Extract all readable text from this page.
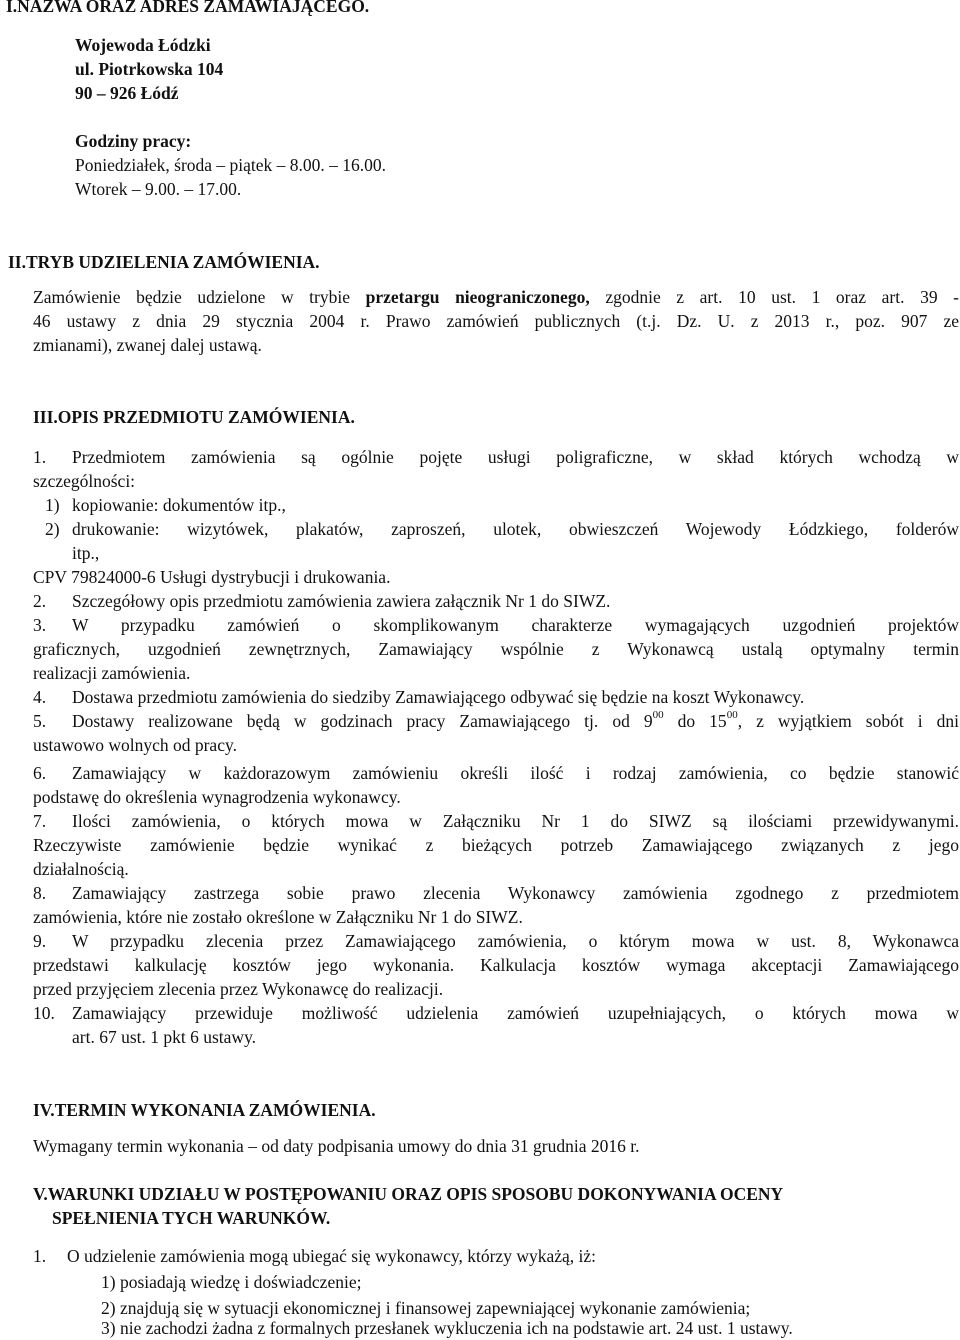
I.NAZWA ORAZ ADRES ZAMAWIAJĄCEGO.
Wojewoda Łódzki
ul. Piotrkowska 104
90 – 926 Łódź
Godziny pracy:
Poniedziałek, środa – piątek – 8.00. – 16.00.
Wtorek – 9.00. – 17.00.
II.TRYB UDZIELENIA ZAMÓWIENIA.
Zamówienie będzie udzielone w trybie przetargu nieograniczonego, zgodnie z art. 10 ust. 1 oraz art. 39 -
46 ustawy z dnia 29 stycznia 2004 r. Prawo zamówień publicznych (t.j. Dz. U. z 2013 r., poz. 907 ze
zmianami), zwanej dalej ustawą.
III.OPIS PRZEDMIOTU ZAMÓWIENIA.
1. Przedmiotem zamówienia są ogólnie pojęte usługi poligraficzne, w skład których wchodzą w
szczególności:
1) kopiowanie: dokumentów itp.,
2) drukowanie: wizytówek, plakatów, zaproszeń, ulotek, obwieszczeń Wojewody Łódzkiego, folderów
itp.,
CPV 79824000-6 Usługi dystrybucji i drukowania.
2. Szczegółowy opis przedmiotu zamówienia zawiera załącznik Nr 1 do SIWZ.
3. W przypadku zamówień o skomplikowanym charakterze wymagających uzgodnień projektów
graficznych, uzgodnień zewnętrznych, Zamawiający wspólnie z Wykonawcą ustalą optymalny termin
realizacji zamówienia.
4. Dostawa przedmiotu zamówienia do siedziby Zamawiającego odbywać się będzie na koszt Wykonawcy.
5. Dostawy realizowane będą w godzinach pracy Zamawiającego tj. od $9^{00}$ do $15^{00}$, z wyjątkiem sobót i dni
ustawowo wolnych od pracy.
6. Zamawiający w każdorazowym zamówieniu określi ilość i rodzaj zamówienia, co będzie stanowić
podstawę do określenia wynagrodzenia wykonawcy.
7. Ilości zamówienia, o których mowa w Załączniku Nr 1 do SIWZ są ilościami przewidywanymi.
Rzeczywiste zamówienie będzie wynikać z bieżących potrzeb Zamawiającego związanych z jego
działalnością.
8. Zamawiający zastrzega sobie prawo zlecenia Wykonawcy zamówienia zgodnego z przedmiotem
zamówienia, które nie zostało określone w Załączniku Nr 1 do SIWZ.
9. W przypadku zlecenia przez Zamawiającego zamówienia, o którym mowa w ust. 8, Wykonawca
przedstawi kalkulację kosztów jego wykonania. Kalkulacja kosztów wymaga akceptacji Zamawiającego
przed przyjęciem zlecenia przez Wykonawcę do realizacji.
10. Zamawiający przewiduje możliwość udzielenia zamówień uzupełniających, o których mowa w
art. 67 ust. 1 pkt 6 ustawy.
IV.TERMIN WYKONANIA ZAMÓWIENIA.
Wymagany termin wykonania – od daty podpisania umowy do dnia 31 grudnia 2016 r.
V.WARUNKI UDZIAŁU W POSTĘPOWANIU ORAZ OPIS SPOSOBU DOKONYWANIA OCENY
SPEŁNIENIA TYCH WARUNKÓW.
1. O udzielenie zamówienia mogą ubiegać się wykonawcy, którzy wykażą, iż:
1) posiadają wiedzę i doświadczenie;
2) znajdują się w sytuacji ekonomicznej i finansowej zapewniającej wykonanie zamówienia;
3) nie zachodzi żadna z formalnych przesłanek wykluczenia ich na podstawie art. 24 ust. 1 ustawy.
